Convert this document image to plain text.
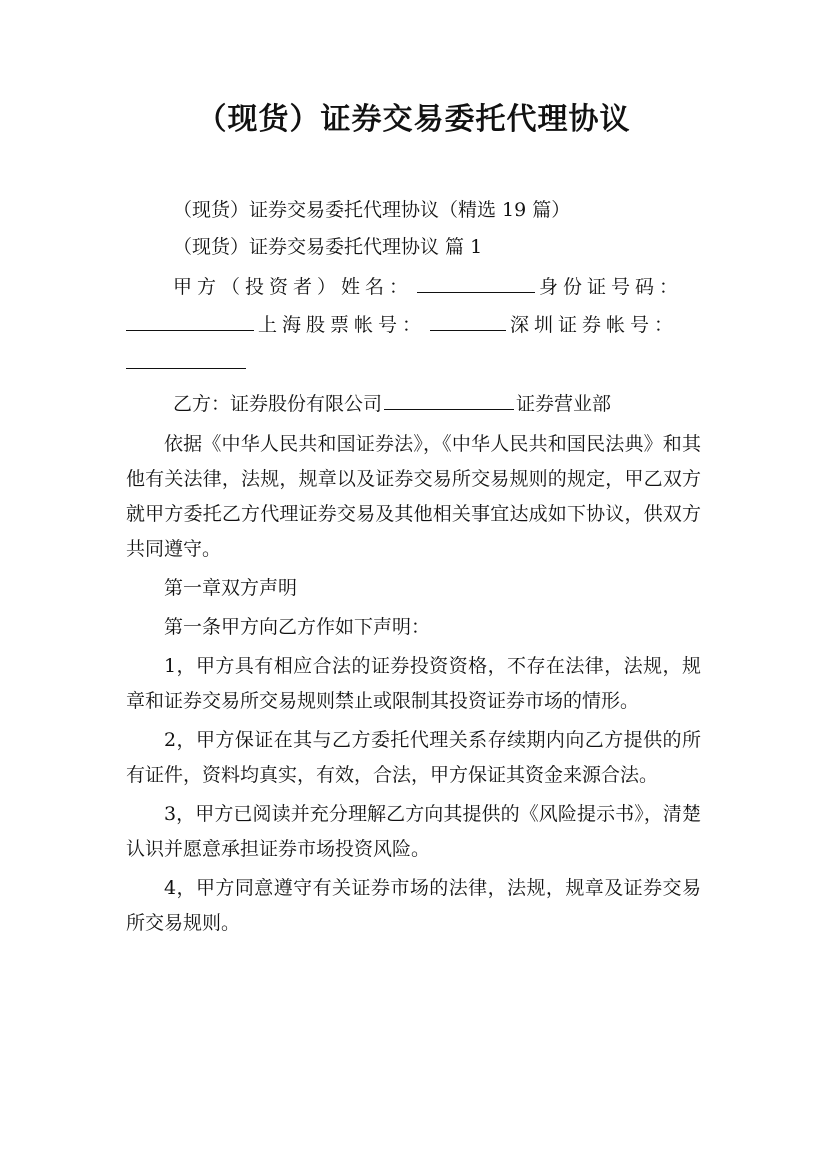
（现货）证券交易委托代理协议
（现货）证券交易委托代理协议（精选 19 篇）
（现货）证券交易委托代理协议 篇 1
甲方（投资者）姓名：	身份证号码：
上海股票帐号：	深圳证券帐号：
乙方：证券股份有限公司	证券营业部

依据《中华人民共和国证券法》，《中华人民共和国民法典》和其他有关法律，法规，规章以及证券交易所交易规则的规定，甲乙双方就甲方委托乙方代理证券交易及其他相关事宜达成如下协议，供双方共同遵守。

第一章双方声明

第一条甲方向乙方作如下声明：

1，甲方具有相应合法的证券投资资格，不存在法律，法规，规章和证券交易所交易规则禁止或限制其投资证券市场的情形。

2，甲方保证在其与乙方委托代理关系存续期内向乙方提供的所有证件，资料均真实，有效，合法，甲方保证其资金来源合法。

3，甲方已阅读并充分理解乙方向其提供的《风险提示书》，清楚认识并愿意承担证券市场投资风险。

4，甲方同意遵守有关证券市场的法律，法规，规章及证券交易所交易规则。
